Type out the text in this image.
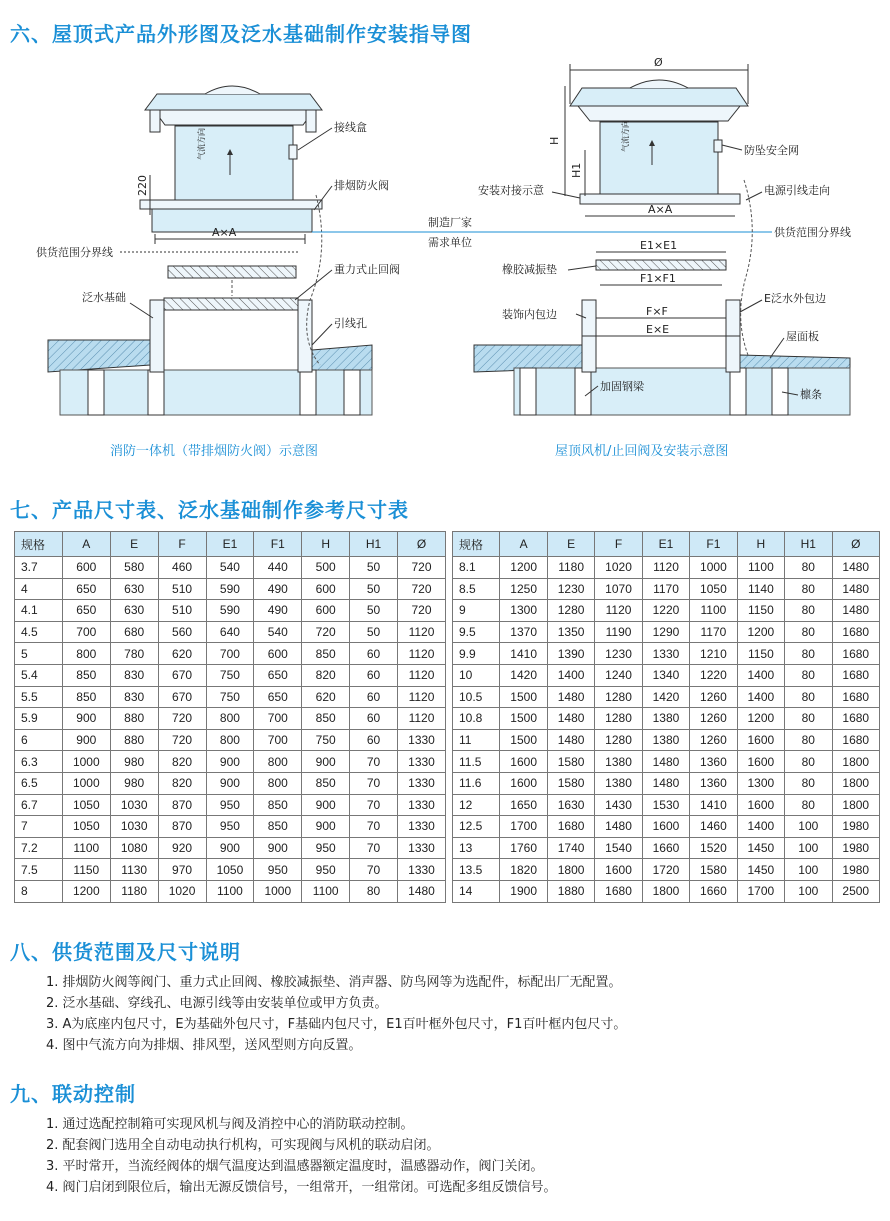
六、屋顶式产品外形图及泛水基础制作安装指导图
气流方向
220
A×A
接线盒
排烟防火阀
供货范围分界线
重力式止回阀
泛水基础
引线孔
消防一体机（带排烟防火阀）示意图
制造厂家
需求单位
气流方向
Ø
H
H1
A×A
E1×E1
F1×F1
F×F
E×E
防坠安全网
安装对接示意	电源引线走向
供货范围分界线
橡胶减振垫
E泛水外包边
装饰内包边
屋面板
加固钢梁
檩条
屋顶风机/止回阀及安装示意图
七、产品尺寸表、泛水基础制作参考尺寸表
规格	A	E	F	E1	F1	H	H1	Ø
3.7	600	580	460	540	440	500	50	720
4	650	630	510	590	490	600	50	720
4.1	650	630	510	590	490	600	50	720
4.5	700	680	560	640	540	720	50	1120
5	800	780	620	700	600	850	60	1120
5.4	850	830	670	750	650	820	60	1120
5.5	850	830	670	750	650	620	60	1120
5.9	900	880	720	800	700	850	60	1120
6	900	880	720	800	700	750	60	1330
6.3	1000	980	820	900	800	900	70	1330
6.5	1000	980	820	900	800	850	70	1330
6.7	1050	1030	870	950	850	900	70	1330
7	1050	1030	870	950	850	900	70	1330
7.2	1100	1080	920	900	900	950	70	1330
7.5	1150	1130	970	1050	950	950	70	1330
8	1200	1180	1020	1100	1000	1100	80	1480
规格	A	E	F	E1	F1	H	H1	Ø
8.1	1200	1180	1020	1120	1000	1100	80	1480
8.5	1250	1230	1070	1170	1050	1140	80	1480
9	1300	1280	1120	1220	1100	1150	80	1480
9.5	1370	1350	1190	1290	1170	1200	80	1680
9.9	1410	1390	1230	1330	1210	1150	80	1680
10	1420	1400	1240	1340	1220	1400	80	1680
10.5	1500	1480	1280	1420	1260	1400	80	1680
10.8	1500	1480	1280	1380	1260	1200	80	1680
11	1500	1480	1280	1380	1260	1600	80	1680
11.5	1600	1580	1380	1480	1360	1600	80	1800
11.6	1600	1580	1380	1480	1360	1300	80	1800
12	1650	1630	1430	1530	1410	1600	80	1800
12.5	1700	1680	1480	1600	1460	1400	100	1980
13	1760	1740	1540	1660	1520	1450	100	1980
13.5	1820	1800	1600	1720	1580	1450	100	1980
14	1900	1880	1680	1800	1660	1700	100	2500
八、供货范围及尺寸说明
1. 排烟防火阀等阀门、重力式止回阀、橡胶减振垫、消声器、防鸟网等为选配件，标配出厂无配置。
2. 泛水基础、穿线孔、电源引线等由安装单位或甲方负责。
3. A为底座内包尺寸，E为基础外包尺寸，F基础内包尺寸，E1百叶框外包尺寸，F1百叶框内包尺寸。
4. 图中气流方向为排烟、排风型，送风型则方向反置。
九、联动控制
1. 通过选配控制箱可实现风机与阀及消控中心的消防联动控制。
2. 配套阀门选用全自动电动执行机构，可实现阀与风机的联动启闭。
3. 平时常开，当流经阀体的烟气温度达到温感器额定温度时，温感器动作，阀门关闭。
4. 阀门启闭到限位后，输出无源反馈信号，一组常开，一组常闭。可选配多组反馈信号。
